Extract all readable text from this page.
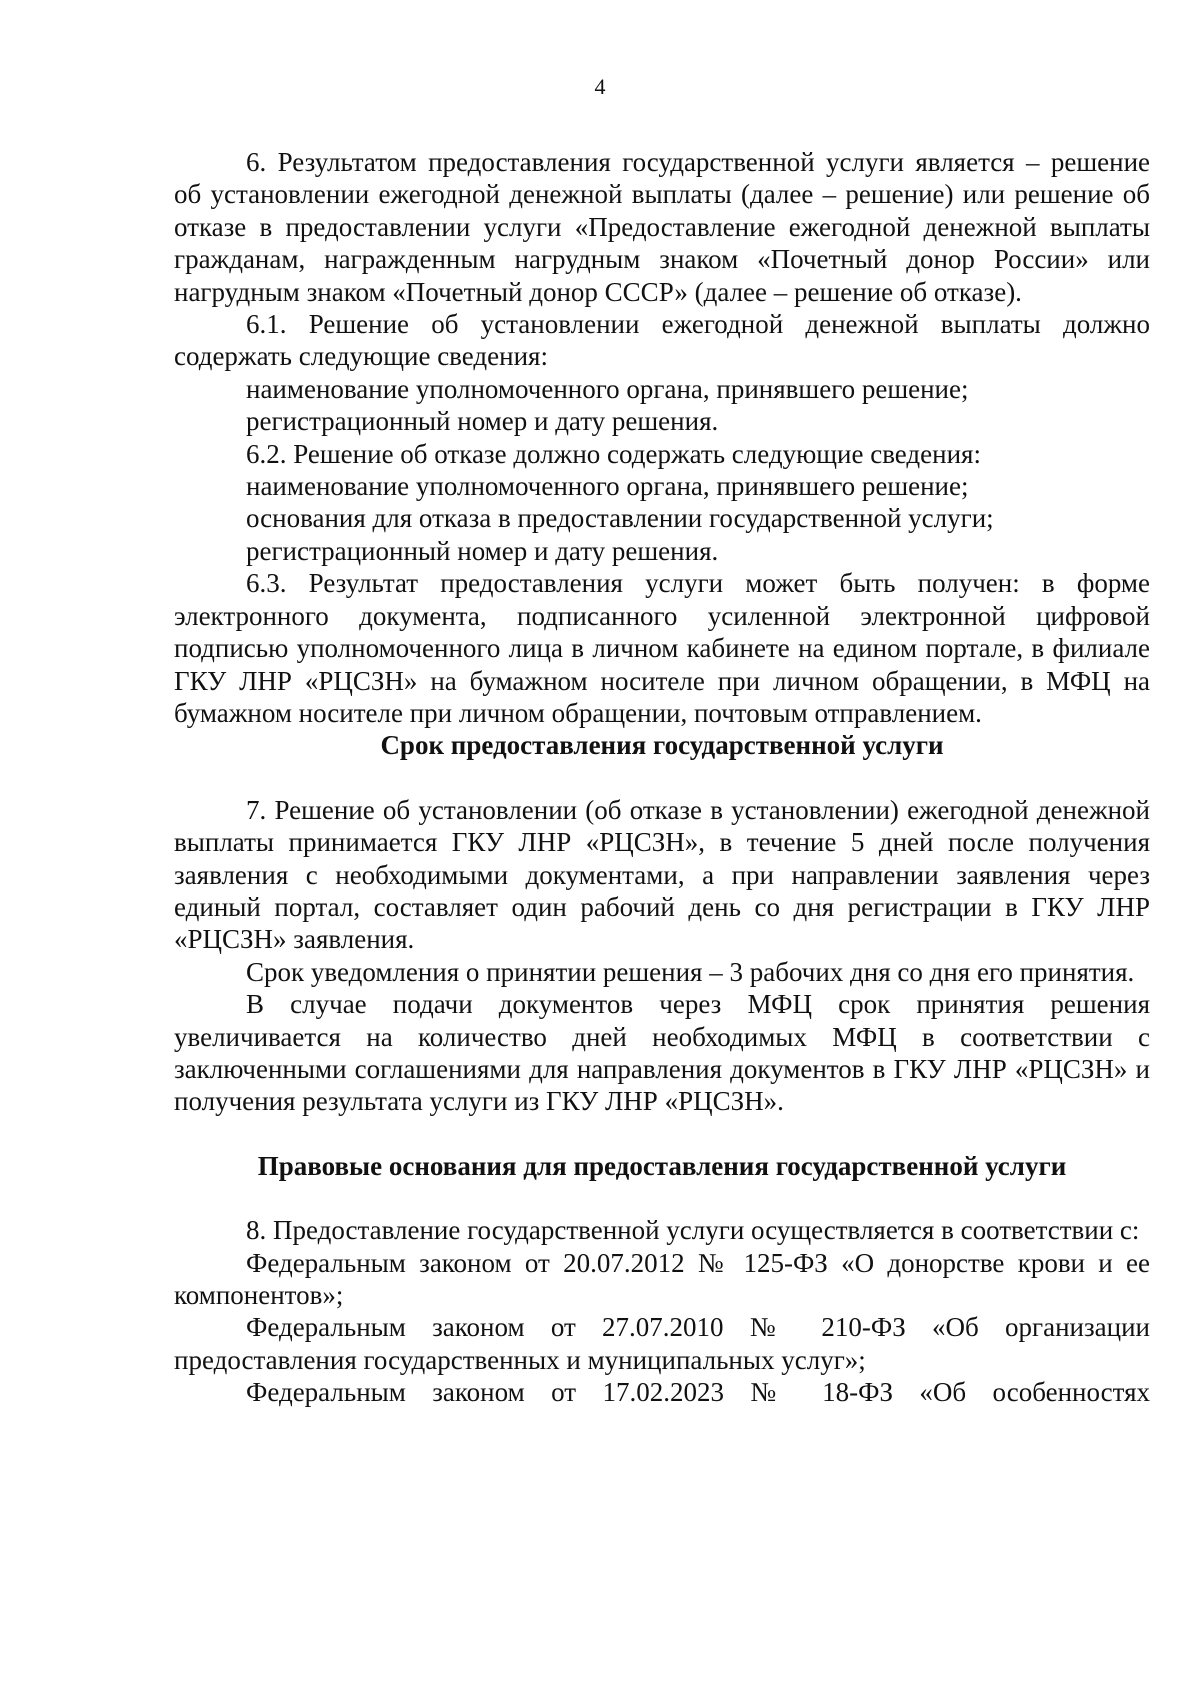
4

6. Результатом предоставления государственной услуги является – решение об установлении ежегодной денежной выплаты (далее – решение) или решение об отказе в предоставлении услуги «Предоставление ежегодной денежной выплаты гражданам, награжденным нагрудным знаком «Почетный донор России» или нагрудным знаком «Почетный донор СССР» (далее – решение об отказе).

6.1. Решение об установлении ежегодной денежной выплаты должно содержать следующие сведения:

наименование уполномоченного органа, принявшего решение;

регистрационный номер и дату решения.

6.2. Решение об отказе должно содержать следующие сведения:

наименование уполномоченного органа, принявшего решение;

основания для отказа в предоставлении государственной услуги;

регистрационный номер и дату решения.

6.3. Результат предоставления услуги может быть получен: в форме электронного документа, подписанного усиленной электронной цифровой подписью уполномоченного лица в личном кабинете на едином портале, в филиале ГКУ ЛНР «РЦСЗН» на бумажном носителе при личном обращении, в МФЦ на бумажном носителе при личном обращении, почтовым отправлением.

Срок предоставления государственной услуги

7. Решение об установлении (об отказе в установлении) ежегодной денежной выплаты принимается ГКУ ЛНР «РЦСЗН», в течение 5 дней после получения заявления с необходимыми документами, а при направлении заявления через единый портал, составляет один рабочий день со дня регистрации в ГКУ ЛНР «РЦСЗН» заявления.

Срок уведомления о принятии решения – 3 рабочих дня со дня его принятия.

В случае подачи документов через МФЦ срок принятия решения увеличивается на количество дней необходимых МФЦ в соответствии с заключенными соглашениями для направления документов в ГКУ ЛНР «РЦСЗН» и получения результата услуги из ГКУ ЛНР «РЦСЗН».

Правовые основания для предоставления государственной услуги

8. Предоставление государственной услуги осуществляется в соответствии с:

Федеральным законом от 20.07.2012 № 125-ФЗ «О донорстве крови и ее компонентов»;

Федеральным законом от 27.07.2010 № 210-ФЗ «Об организации предоставления государственных и муниципальных услуг»;

Федеральным законом от 17.02.2023 № 18-ФЗ «Об особенностях
